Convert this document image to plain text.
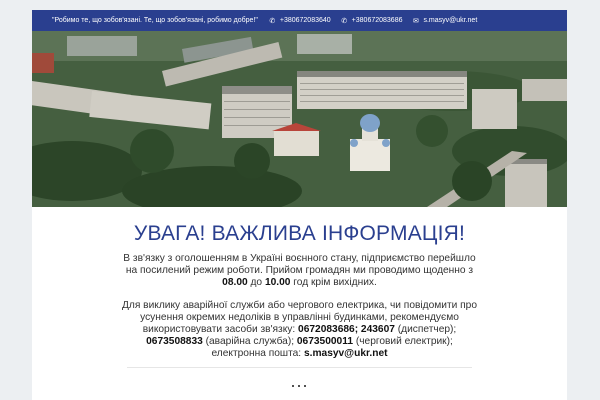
"Робимо те, що зобов'язані. Те, що зобов'язані, робимо добре!" ✆ +380672083640 ✆ +380672083686 ✉ s.masyv@ukr.net
УВАГА! ВАЖЛИВА ІНФОРМАЦІЯ!

В зв'язку з оголошенням в Україні воєнного стану, підприємство перейшло на посилений режим роботи. Прийом громадян ми проводимо щоденно з 08.00 до 10.00 год крім вихідних.

Для виклику аварійної служби або чергового електрика, чи повідомити про усунення окремих недоліків в управлінні будинками, рекомендуємо використовувати засоби зв'язку: 0672083686; 243607 (диспетчер); 0673508833 (аварійна служба); 0673500011 (черговий електрик); електронна пошта: s.masyv@ukr.net

...
